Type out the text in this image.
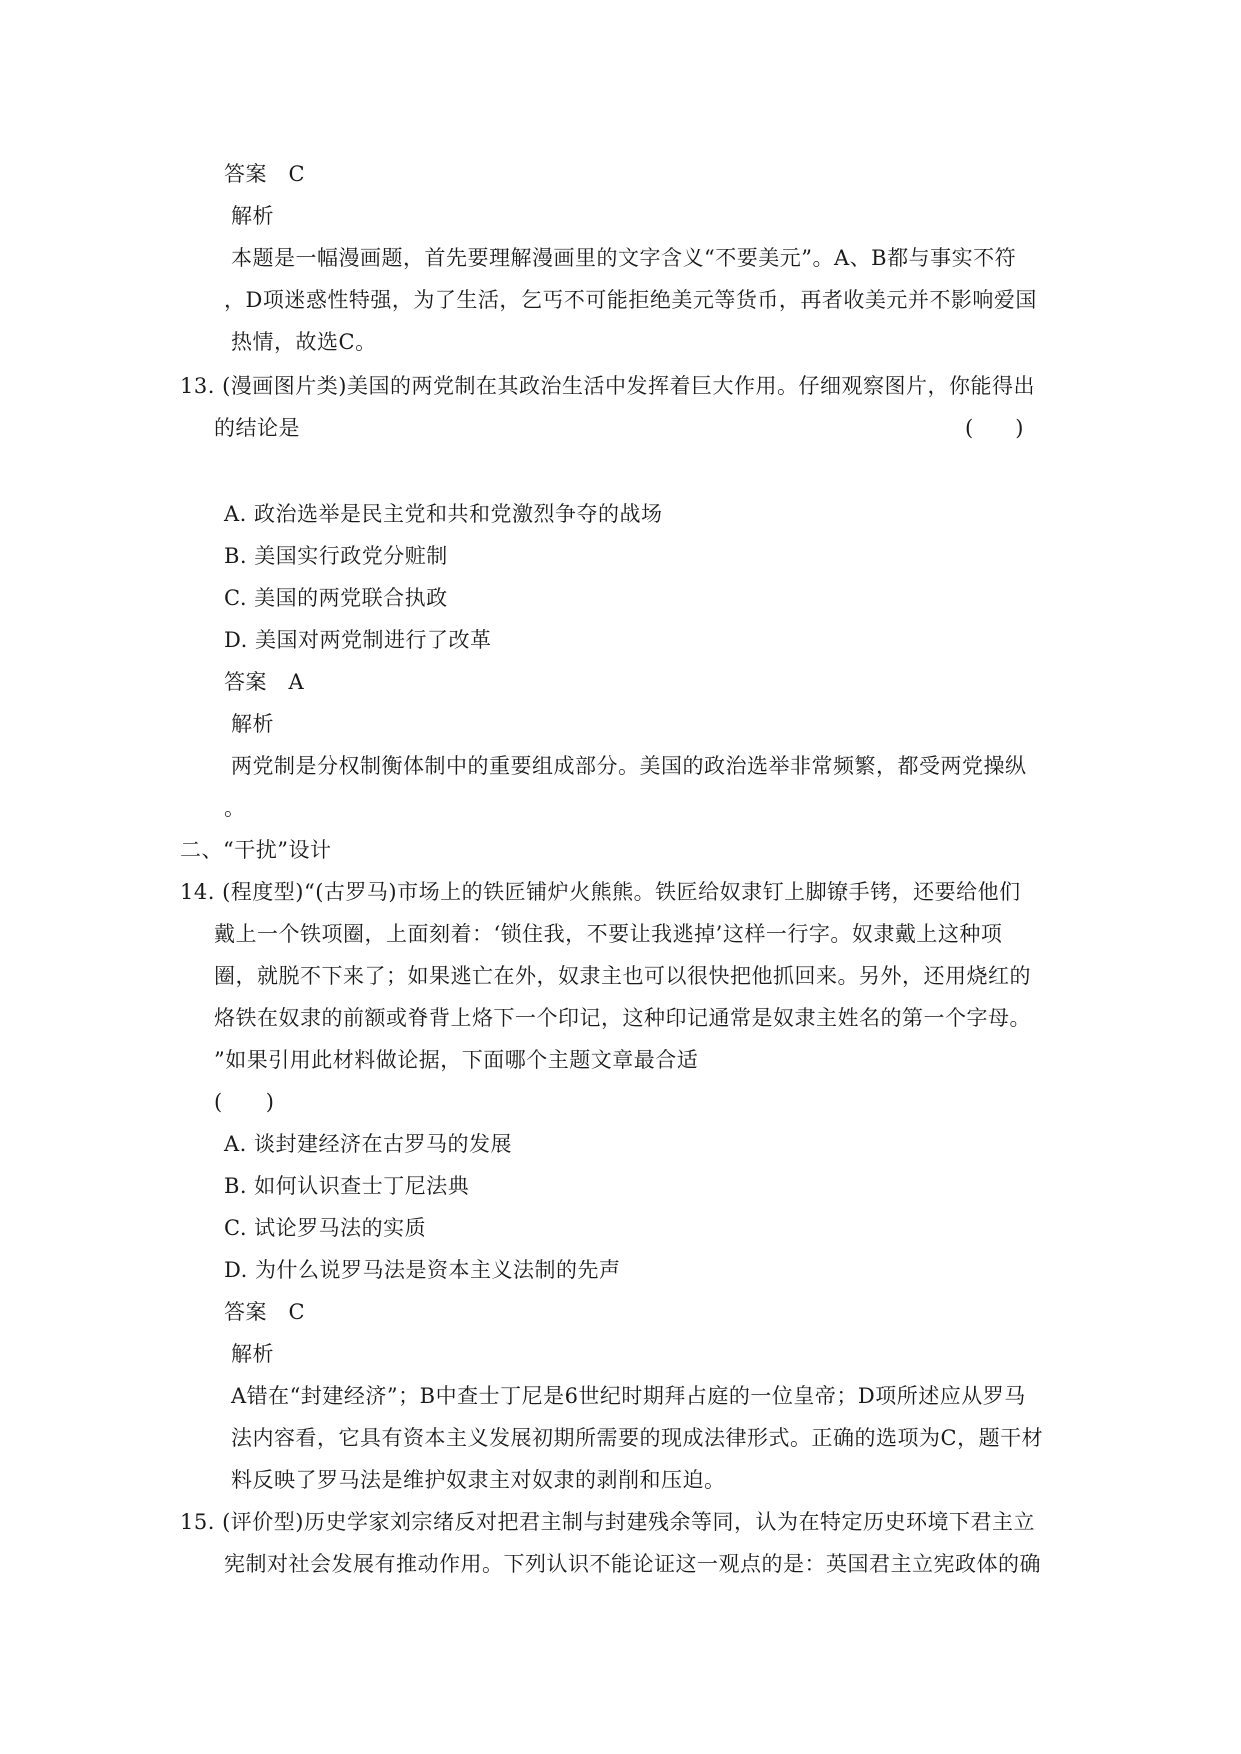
答案　C
解析
本题是一幅漫画题，首先要理解漫画里的文字含义“不要美元”。A、B都与事实不符
，D项迷惑性特强，为了生活，乞丐不可能拒绝美元等货币，再者收美元并不影响爱国
热情，故选C。
13. (漫画图片类)美国的两党制在其政治生活中发挥着巨大作用。仔细观察图片，你能得出
的结论是	(　　)
A. 政治选举是民主党和共和党激烈争夺的战场
B. 美国实行政党分赃制
C. 美国的两党联合执政
D. 美国对两党制进行了改革
答案　A
解析
两党制是分权制衡体制中的重要组成部分。美国的政治选举非常频繁，都受两党操纵
。
二、“干扰”设计
14. (程度型)“(古罗马)市场上的铁匠铺炉火熊熊。铁匠给奴隶钉上脚镣手铐，还要给他们
戴上一个铁项圈，上面刻着：‘锁住我，不要让我逃掉’这样一行字。奴隶戴上这种项
圈，就脱不下来了；如果逃亡在外，奴隶主也可以很快把他抓回来。另外，还用烧红的
烙铁在奴隶的前额或脊背上烙下一个印记，这种印记通常是奴隶主姓名的第一个字母。
”如果引用此材料做论据，下面哪个主题文章最合适
(　　)
A. 谈封建经济在古罗马的发展
B. 如何认识查士丁尼法典
C. 试论罗马法的实质
D. 为什么说罗马法是资本主义法制的先声
答案　C
解析
A错在“封建经济”；B中查士丁尼是6世纪时期拜占庭的一位皇帝；D项所述应从罗马
法内容看，它具有资本主义发展初期所需要的现成法律形式。正确的选项为C，题干材
料反映了罗马法是维护奴隶主对奴隶的剥削和压迫。
15. (评价型)历史学家刘宗绪反对把君主制与封建残余等同，认为在特定历史环境下君主立
宪制对社会发展有推动作用。下列认识不能论证这一观点的是：英国君主立宪政体的确
